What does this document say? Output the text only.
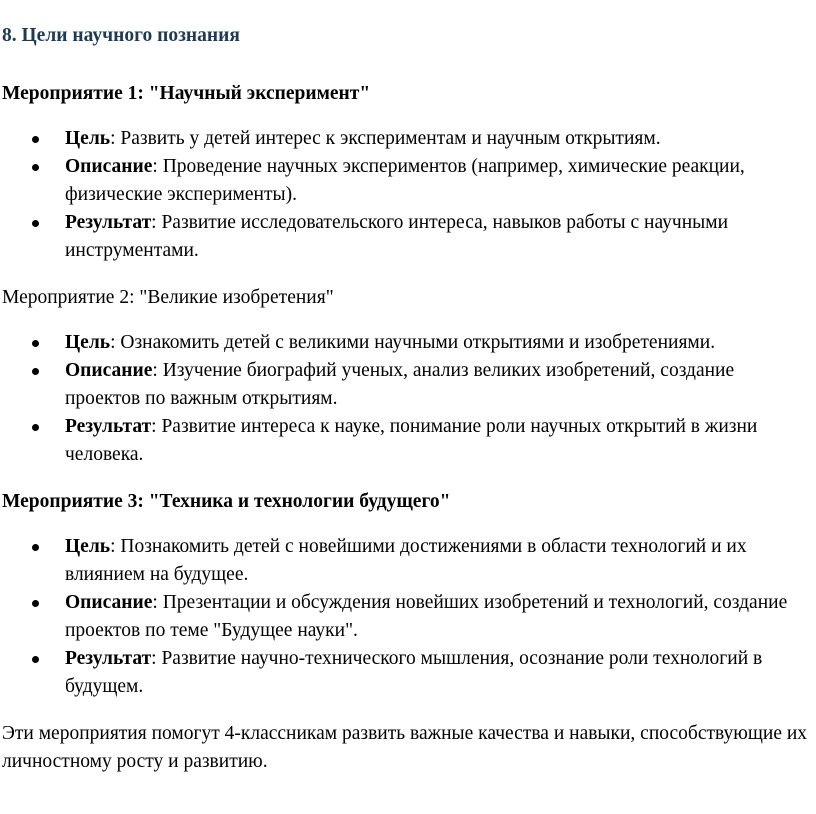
8. Цели научного познания
Мероприятие 1: "Научный эксперимент"
Цель: Развить у детей интерес к экспериментам и научным открытиям.
Описание: Проведение научных экспериментов (например, химические реакции, физические эксперименты).
Результат: Развитие исследовательского интереса, навыков работы с научными инструментами.
Мероприятие 2: "Великие изобретения"
Цель: Ознакомить детей с великими научными открытиями и изобретениями.
Описание: Изучение биографий ученых, анализ великих изобретений, создание проектов по важным открытиям.
Результат: Развитие интереса к науке, понимание роли научных открытий в жизни человека.
Мероприятие 3: "Техника и технологии будущего"
Цель: Познакомить детей с новейшими достижениями в области технологий и их влиянием на будущее.
Описание: Презентации и обсуждения новейших изобретений и технологий, создание проектов по теме "Будущее науки".
Результат: Развитие научно-технического мышления, осознание роли технологий в будущем.
Эти мероприятия помогут 4-классникам развить важные качества и навыки, способствующие их личностному росту и развитию.
